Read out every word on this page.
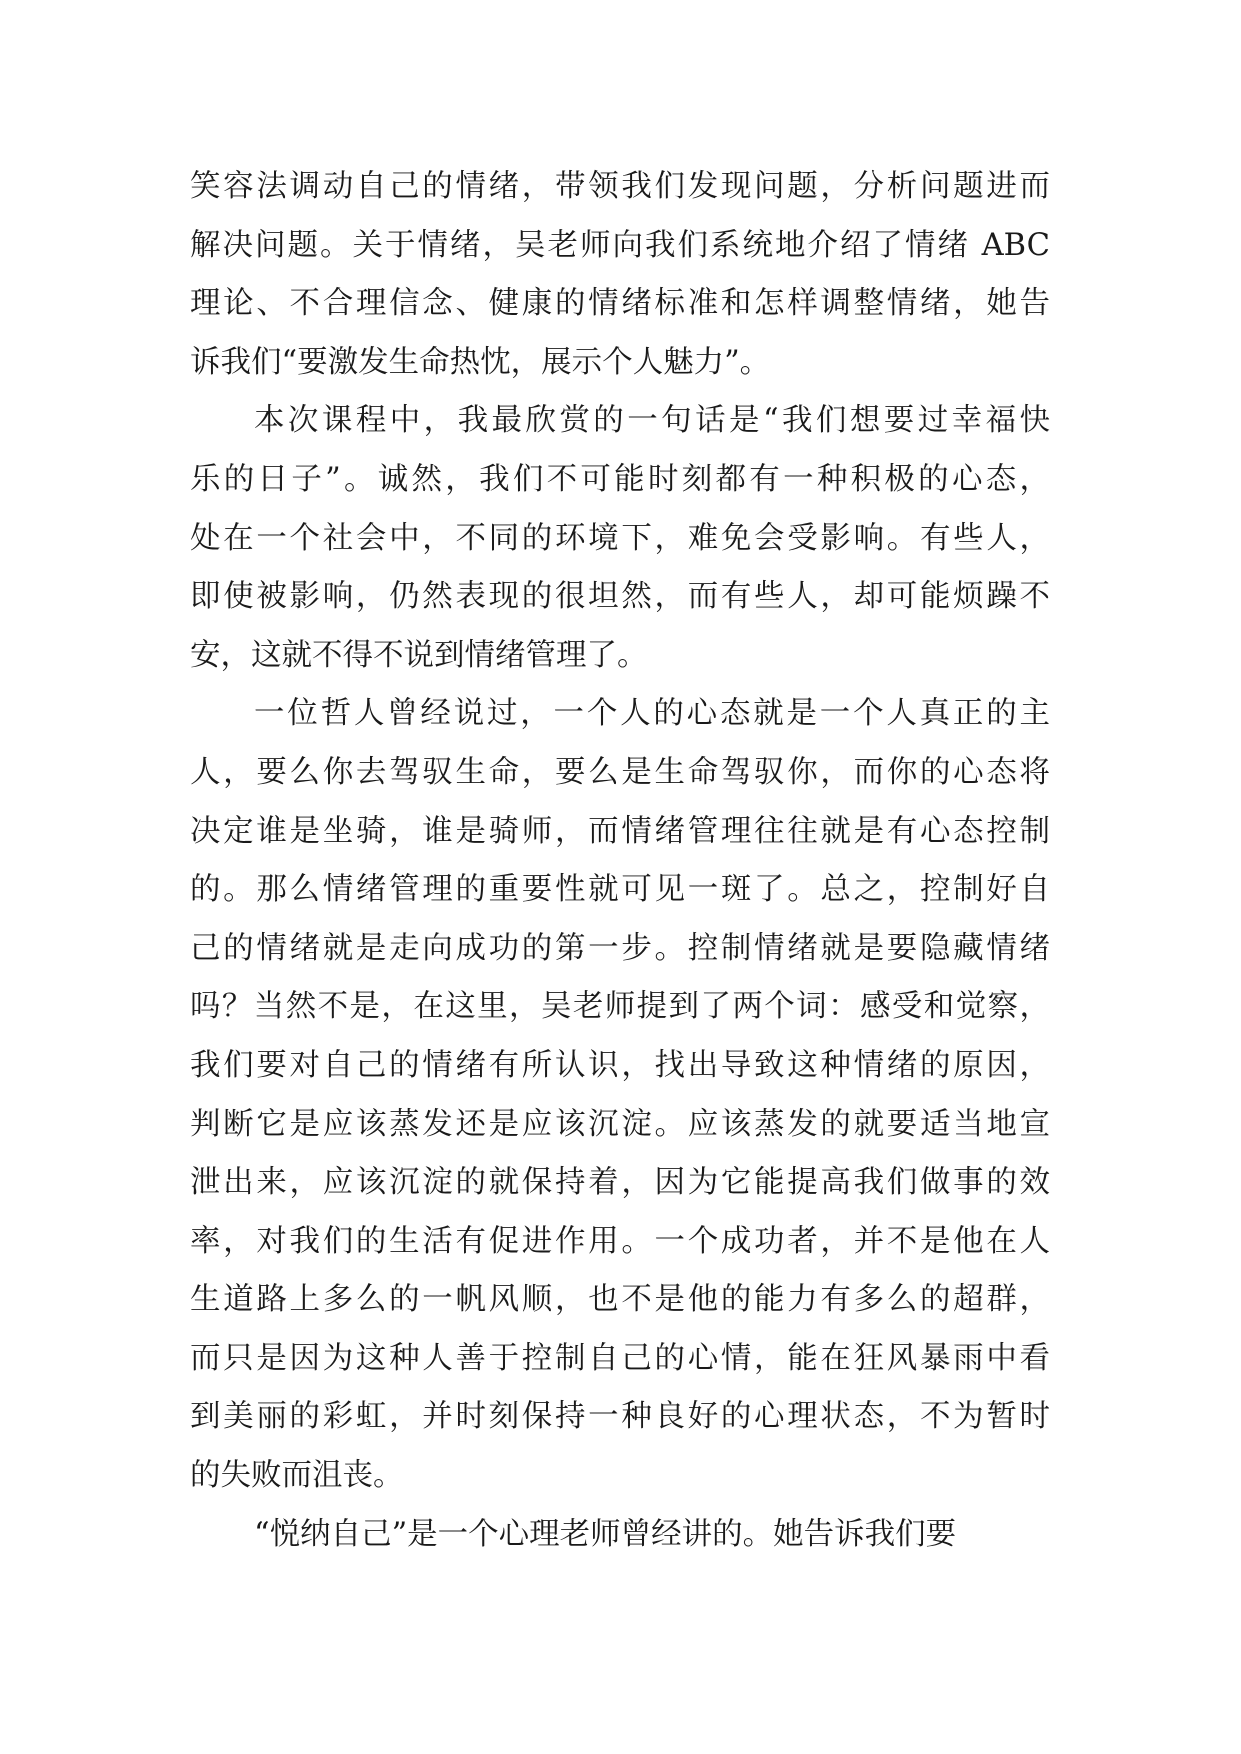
笑容法调动自己的情绪，带领我们发现问题，分析问题进而
解决问题。关于情绪，吴老师向我们系统地介绍了情绪 ABC
理论、不合理信念、健康的情绪标准和怎样调整情绪，她告
诉我们“要激发生命热忱，展示个人魅力”。
本次课程中，我最欣赏的一句话是“我们想要过幸福快
乐的日子”。诚然，我们不可能时刻都有一种积极的心态，
处在一个社会中，不同的环境下，难免会受影响。有些人，
即使被影响，仍然表现的很坦然，而有些人，却可能烦躁不
安，这就不得不说到情绪管理了。
一位哲人曾经说过，一个人的心态就是一个人真正的主
人，要么你去驾驭生命，要么是生命驾驭你，而你的心态将
决定谁是坐骑，谁是骑师，而情绪管理往往就是有心态控制
的。那么情绪管理的重要性就可见一斑了。总之，控制好自
己的情绪就是走向成功的第一步。控制情绪就是要隐藏情绪
吗？当然不是，在这里，吴老师提到了两个词：感受和觉察，
我们要对自己的情绪有所认识，找出导致这种情绪的原因，
判断它是应该蒸发还是应该沉淀。应该蒸发的就要适当地宣
泄出来，应该沉淀的就保持着，因为它能提高我们做事的效
率，对我们的生活有促进作用。一个成功者，并不是他在人
生道路上多么的一帆风顺，也不是他的能力有多么的超群，
而只是因为这种人善于控制自己的心情，能在狂风暴雨中看
到美丽的彩虹，并时刻保持一种良好的心理状态，不为暂时
的失败而沮丧。
“悦纳自己”是一个心理老师曾经讲的。她告诉我们要
